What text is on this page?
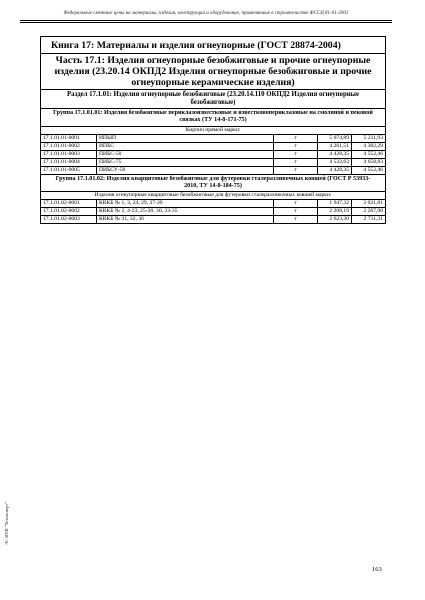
Федеральные сметные цены на материалы, изделия, конструкции и оборудование, применяемые в строительстве ФССЦ 81-01-2001
Книга 17: Материалы и изделия огнеупорные (ГОСТ 28874-2004)
Часть 17.1: Изделия огнеупорные безобжиговые и прочие огнеупорные изделия (23.20.14 ОКПД2 Изделия огнеупорные безобжиговые и прочие огнеупорные керамические изделия)
Раздел 17.1.01: Изделия огнеупорные безобжиговые (23.20.14.110 ОКПД2 Изделия огнеупорные безобжиговые)
Группа 17.1.01.01: Изделия безобжиговые периклазоизвестковые и известковопериклазовые на смоляной и пековой связках (ТУ 14-8-171-75)
Кирпич прямой марки:
17.1.01.01-0001	ИПЫП	т	5 074,89	5 211,93
17.1.01.01-0002	ИПБС	т	4 261,51	4 382,29
17.1.01.01-0003	ПИБС-50	т	4 428,35	4 552,46
17.1.01.01-0004	ПИБС-75	т	4 532,63	4 658,83
17.1.01.01-0005	ПИБСУ-50	т	4 428,35	4 552,46
Группа 17.1.01.02: Изделия кварцитовые безобжиговые для футеровки сталеразливочных ковшей (ГОСТ Р 53933-2010, ТУ 14-8-184-75)
Изделия огнеупорные кварцитовые безобжиговые для футеровки сталеразливочных ковшей марки:
17.1.01.02-0001	КВКБ № 1, 3, 24, 29, 37-39	т	1 947,32	2 021,81
17.1.01.02-0002	КВКБ № 2, 4-23, 25-28, 30, 33-35	т	2 208,19	2 287,90
17.1.01.02-0003	КВКБ № 31, 32, 36	т	2 623,30	2 711,31
ЭС ИТИ "Техэксперт"
163
